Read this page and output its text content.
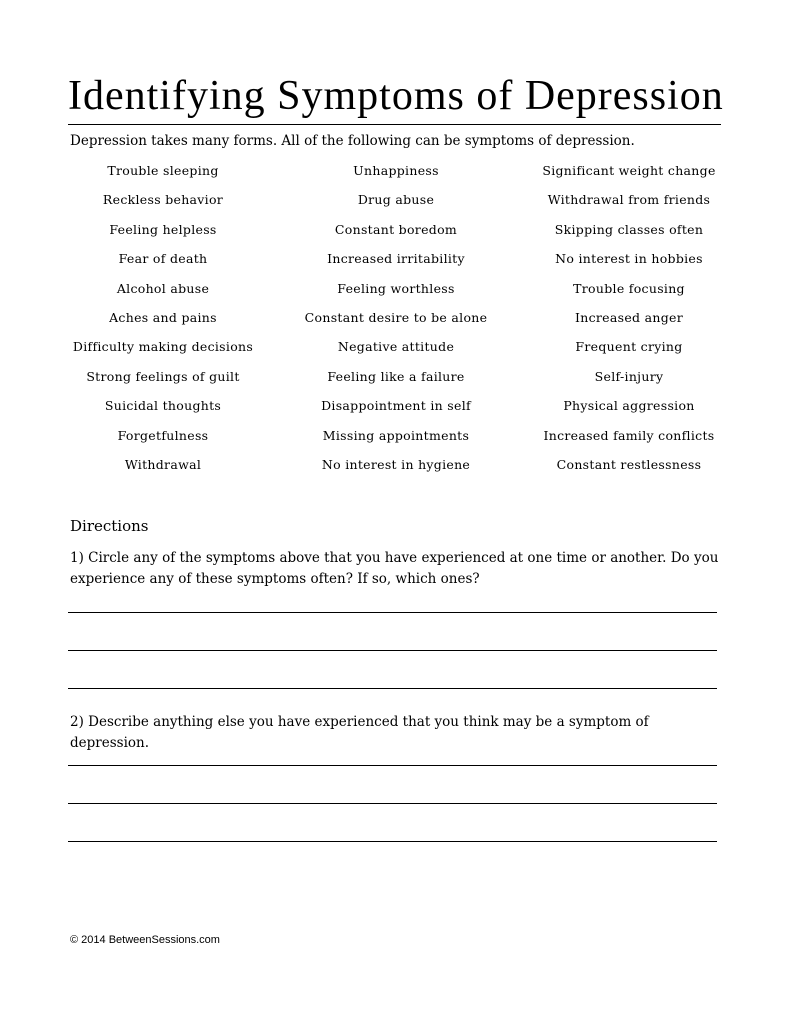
Identifying Symptoms of Depression

Depression takes many forms. All of the following can be symptoms of depression.

Trouble sleeping	Unhappiness	Significant weight change
Reckless behavior	Drug abuse	Withdrawal from friends
Feeling helpless	Constant boredom	Skipping classes often
Fear of death	Increased irritability	No interest in hobbies
Alcohol abuse	Feeling worthless	Trouble focusing
Aches and pains	Constant desire to be alone	Increased anger
Difficulty making decisions	Negative attitude	Frequent crying
Strong feelings of guilt	Feeling like a failure	Self-injury
Suicidal thoughts	Disappointment in self	Physical aggression
Forgetfulness	Missing appointments	Increased family conflicts
Withdrawal	No interest in hygiene	Constant restlessness
Directions

1) Circle any of the symptoms above that you have experienced at one time or another. Do you experience any of these symptoms often? If so, which ones?

2) Describe anything else you have experienced that you think may be a symptom of depression.

© 2014 BetweenSessions.com
